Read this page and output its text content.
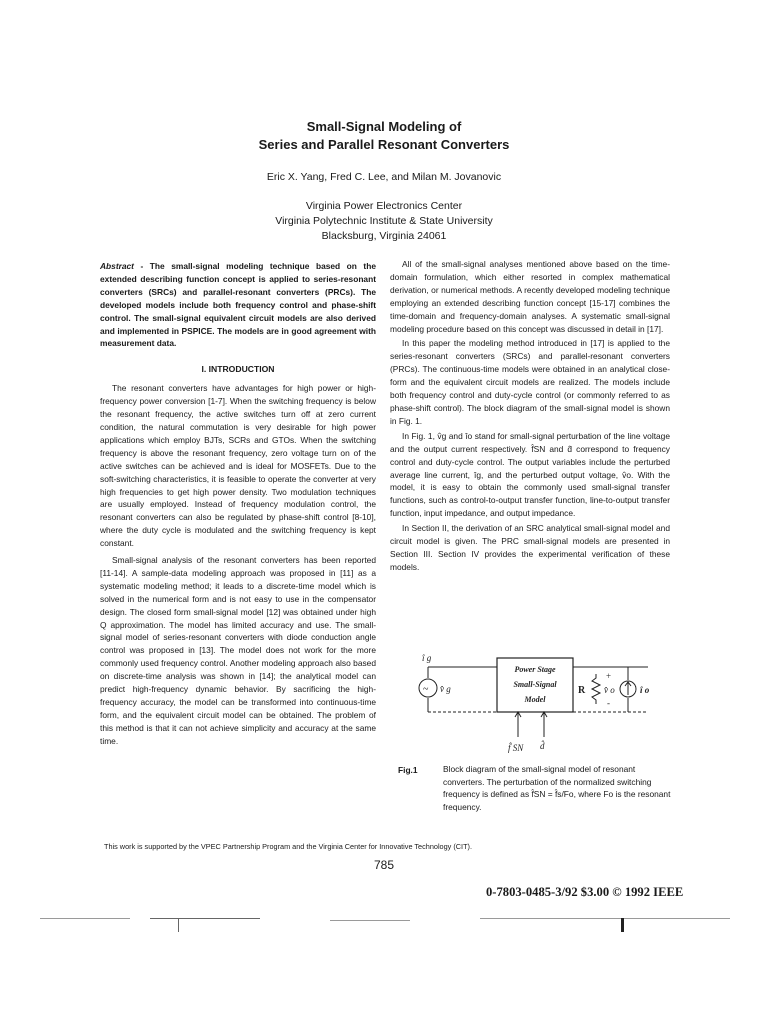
Small-Signal Modeling of
Series and Parallel Resonant Converters
Eric X. Yang, Fred C. Lee, and Milan M. Jovanovic
Virginia Power Electronics Center
Virginia Polytechnic Institute & State University
Blacksburg, Virginia 24061

Abstract - The small-signal modeling technique based on the extended describing function concept is applied to series-resonant converters (SRCs) and parallel-resonant converters (PRCs). The developed models include both frequency control and phase-shift control. The small-signal equivalent circuit models are also derived and implemented in PSPICE. The models are in good agreement with measurement data.

I. INTRODUCTION

The resonant converters have advantages for high power or high-frequency power conversion [1-7]. When the switching frequency is below the resonant frequency, the active switches turn off at zero current condition, the natural commutation is very desirable for high power applications which employ BJTs, SCRs and GTOs. When the switching frequency is above the resonant frequency, zero voltage turn on of the active switches can be achieved and is ideal for MOSFETs. Due to the soft-switching characteristics, it is feasible to operate the converter at very high frequencies to get high power density. Two modulation techniques are usually employed. Instead of frequency modulation control, the resonant converters can also be regulated by phase-shift control [8-10], where the duty cycle is modulated and the switching frequency is kept constant.

Small-signal analysis of the resonant converters has been reported [11-14]. A sample-data modeling approach was proposed in [11] as a systematic modeling method; it leads to a discrete-time model which is solved in the numerical form and is not easy to use in the compensator design. The closed form small-signal model [12] was obtained under high Q approximation. The model has limited accuracy and use. The small-signal model of series-resonant converters with diode conduction angle control was proposed in [13]. The model does not work for the more commonly used frequency control. Another modeling approach also based on discrete-time analysis was shown in [14]; the analytical model can predict high-frequency dynamic behavior. By sacrificing the high-frequency accuracy, the model can be transformed into continuous-time form, and the equivalent circuit model can be obtained. The problem of this method is that it can not achieve simplicity and accuracy at the same time.

All of the small-signal analyses mentioned above based on the time-domain formulation, which either resorted in complex mathematical derivation, or numerical methods. A recently developed modeling technique employing an extended describing function concept [15-17] combines the time-domain and frequency-domain analyses. A systematic small-signal modeling procedure based on this concept was discussed in detail in [17].

In this paper the modeling method introduced in [17] is applied to the series-resonant converters (SRCs) and parallel-resonant converters (PRCs). The continuous-time models were obtained in an analytical close-form and the equivalent circuit models are realized. The models include both frequency control and duty-cycle control (or commonly referred to as phase-shift control). The block diagram of the small-signal model is shown in Fig. 1.

In Fig. 1, v̂g and îo stand for small-signal perturbation of the line voltage and the output current respectively. f̂SN and d̂ correspond to frequency control and duty-cycle control. The output variables include the perturbed average line current, îg, and the perturbed output voltage, v̂o. With the model, it is easy to obtain the commonly used small-signal transfer functions, such as control-to-output transfer function, line-to-output transfer function, input impedance, and output impedance.

In Section II, the derivation of an SRC analytical small-signal model and circuit model is given. The PRC small-signal models are presented in Section III. Section IV provides the experimental verification of these models.

~ v̂ g
î g
Power Stage
Small-Signal
Model
R
+
v̂ o
-
î o
f̂ SN d̂
Fig.1	Block diagram of the small-signal model of resonant converters. The perturbation of the normalized switching frequency is defined as f̂SN = f̂s/Fo, where Fo is the resonant frequency.
This work is supported by the VPEC Partnership Program and the Virginia Center for Innovative Technology (CIT).
785
0-7803-0485-3/92 $3.00 © 1992 IEEE
